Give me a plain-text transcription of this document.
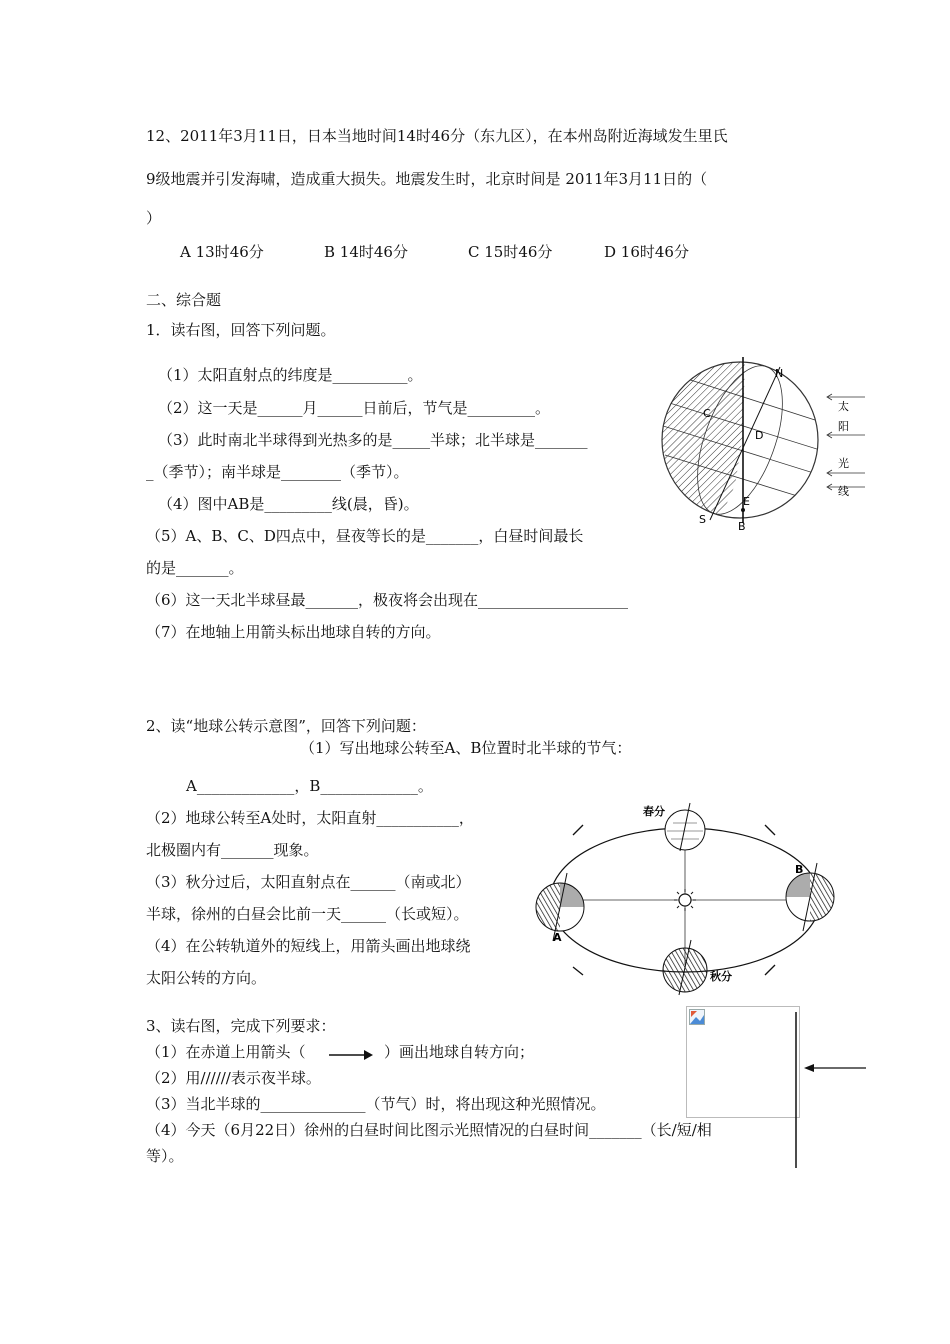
12、2011年3月11日，日本当地时间14时46分（东九区），在本州岛附近海域发生里氏
9级地震并引发海啸，造成重大损失。地震发生时，北京时间是 2011年3月11日的（
）
A 13时46分	B 14时46分	C 15时46分	D 16时46分
二、综合题
1．读右图，回答下列问题。
（1）太阳直射点的纬度是__________。
（2）这一天是______月______日前后，节气是_________。
（3）此时南北半球得到光热多的是_____半球；北半球是_______
_（季节）；南半球是________（季节）。
（4）图中AB是_________线(晨，昏)。
（5）A、B、C、D四点中，昼夜等长的是_______，白昼时间最长
的是_______。
（6）这一天北半球昼最_______，极夜将会出现在____________________
（7）在地轴上用箭头标出地球自转的方向。
N
C
D
E
S
B
太
阳
光
线
2、读“地球公转示意图”，回答下列问题：
（1）写出地球公转至A、B位置时北半球的节气：
A_____________，B_____________。
（2）地球公转至A处时，太阳直射___________，
北极圈内有_______现象。
（3）秋分过后，太阳直射点在______（南或北）
半球，徐州的白昼会比前一天______（长或短）。
（4）在公转轨道外的短线上，用箭头画出地球绕
太阳公转的方向。
春分
秋分
A
B
3、读右图，完成下列要求：
（1）在赤道上用箭头（	）画出地球自转方向；
（2）用//////表示夜半球。
（3）当北半球的______________（节气）时，将出现这种光照情况。
（4）今天（6月22日）徐州的白昼时间比图示光照情况的白昼时间_______（长/短/相
等）。
